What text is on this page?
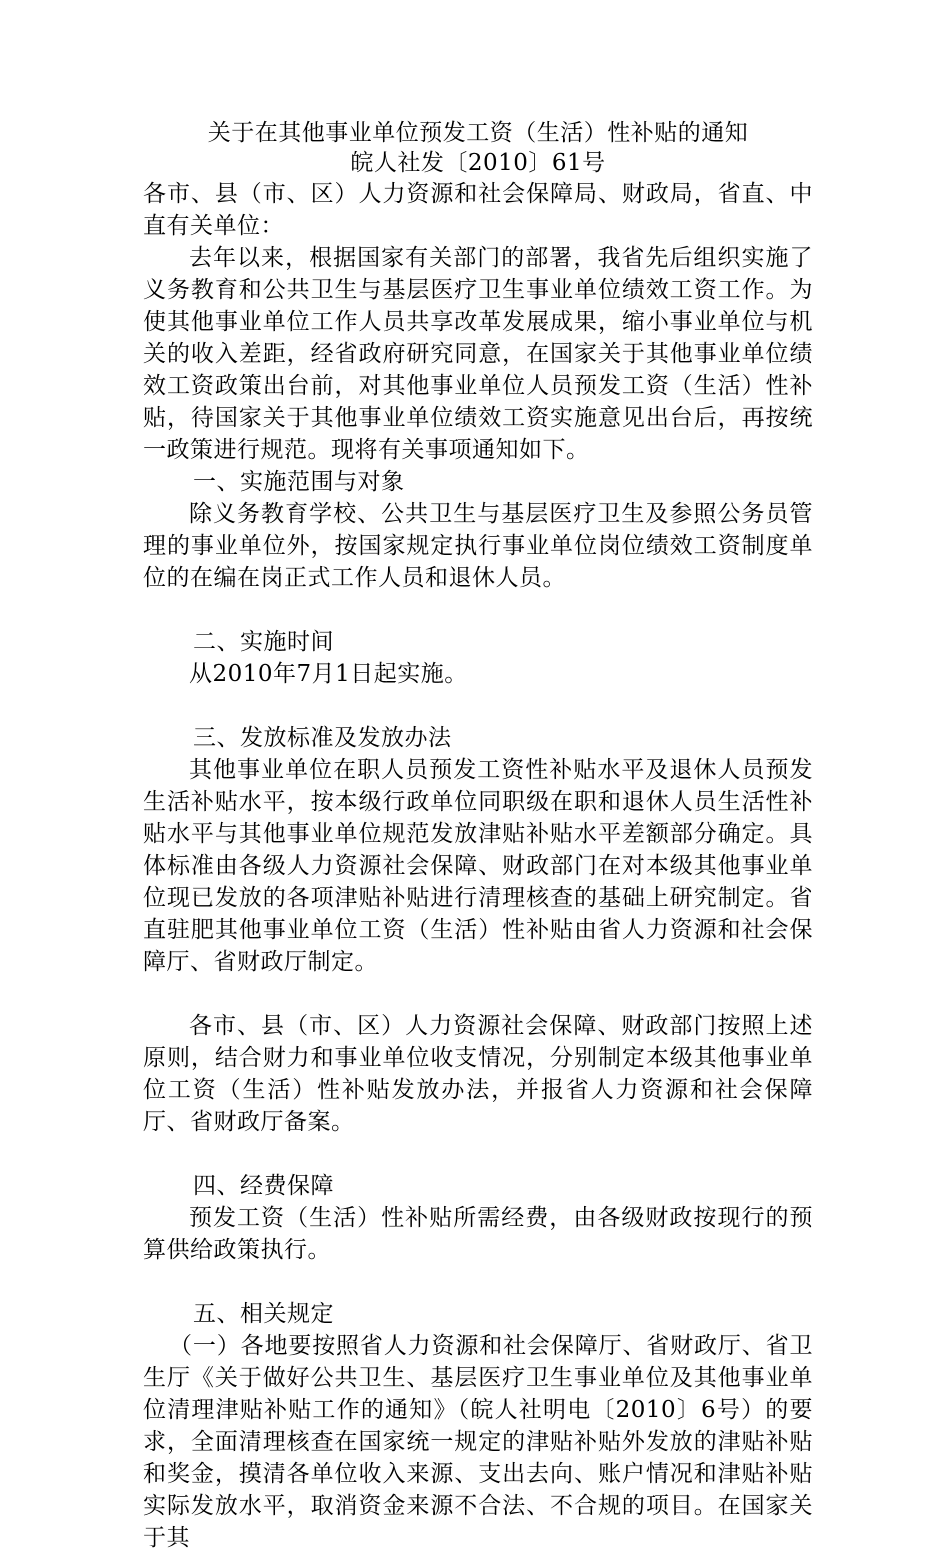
关于在其他事业单位预发工资（生活）性补贴的通知

皖人社发〔2010〕61号

各市、县（市、区）人力资源和社会保障局、财政局，省直、中直有关单位：

去年以来，根据国家有关部门的部署，我省先后组织实施了义务教育和公共卫生与基层医疗卫生事业单位绩效工资工作。为使其他事业单位工作人员共享改革发展成果，缩小事业单位与机关的收入差距，经省政府研究同意，在国家关于其他事业单位绩效工资政策出台前，对其他事业单位人员预发工资（生活）性补贴，待国家关于其他事业单位绩效工资实施意见出台后，再按统一政策进行规范。现将有关事项通知如下。

一、实施范围与对象

除义务教育学校、公共卫生与基层医疗卫生及参照公务员管理的事业单位外，按国家规定执行事业单位岗位绩效工资制度单位的在编在岗正式工作人员和退休人员。

二、实施时间

从2010年7月1日起实施。

三、发放标准及发放办法

其他事业单位在职人员预发工资性补贴水平及退休人员预发生活补贴水平，按本级行政单位同职级在职和退休人员生活性补贴水平与其他事业单位规范发放津贴补贴水平差额部分确定。具体标准由各级人力资源社会保障、财政部门在对本级其他事业单位现已发放的各项津贴补贴进行清理核查的基础上研究制定。省直驻肥其他事业单位工资（生活）性补贴由省人力资源和社会保障厅、省财政厅制定。

各市、县（市、区）人力资源社会保障、财政部门按照上述原则，结合财力和事业单位收支情况，分别制定本级其他事业单位工资（生活）性补贴发放办法，并报省人力资源和社会保障厅、省财政厅备案。

四、经费保障

预发工资（生活）性补贴所需经费，由各级财政按现行的预算供给政策执行。

五、相关规定

（一）各地要按照省人力资源和社会保障厅、省财政厅、省卫生厅《关于做好公共卫生、基层医疗卫生事业单位及其他事业单位清理津贴补贴工作的通知》（皖人社明电〔2010〕6号）的要求，全面清理核查在国家统一规定的津贴补贴外发放的津贴补贴和奖金，摸清各单位收入来源、支出去向、账户情况和津贴补贴实际发放水平，取消资金来源不合法、不合规的项目。在国家关于其
